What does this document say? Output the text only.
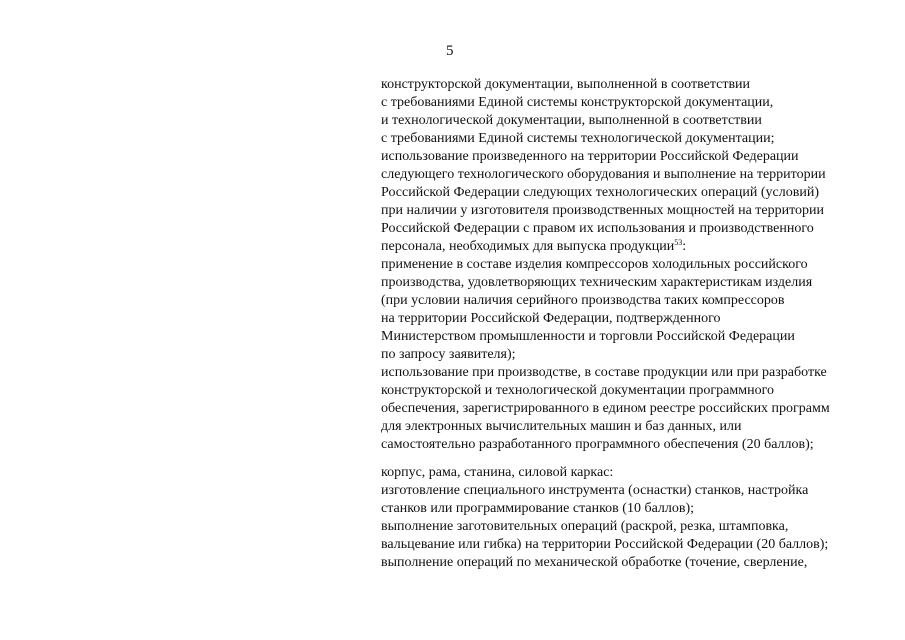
5
конструкторской документации, выполненной в соответствии
с требованиями Единой системы конструкторской документации,
и технологической документации, выполненной в соответствии
с требованиями Единой системы технологической документации;
использование произведенного на территории Российской Федерации
следующего технологического оборудования и выполнение на территории
Российской Федерации следующих технологических операций (условий)
при наличии у изготовителя производственных мощностей на территории
Российской Федерации с правом их использования и производственного
персонала, необходимых для выпуска продукции$^{53}$:
применение в составе изделия компрессоров холодильных российского
производства, удовлетворяющих техническим характеристикам изделия
(при условии наличия серийного производства таких компрессоров
на территории Российской Федерации, подтвержденного
Министерством промышленности и торговли Российской Федерации
по запросу заявителя);
использование при производстве, в составе продукции или при разработке
конструкторской и технологической документации программного
обеспечения, зарегистрированного в едином реестре российских программ
для электронных вычислительных машин и баз данных, или
самостоятельно разработанного программного обеспечения (20 баллов);
корпус, рама, станина, силовой каркас:
изготовление специального инструмента (оснастки) станков, настройка
станков или программирование станков (10 баллов);
выполнение заготовительных операций (раскрой, резка, штамповка,
вальцевание или гибка) на территории Российской Федерации (20 баллов);
выполнение операций по механической обработке (точение, сверление,
